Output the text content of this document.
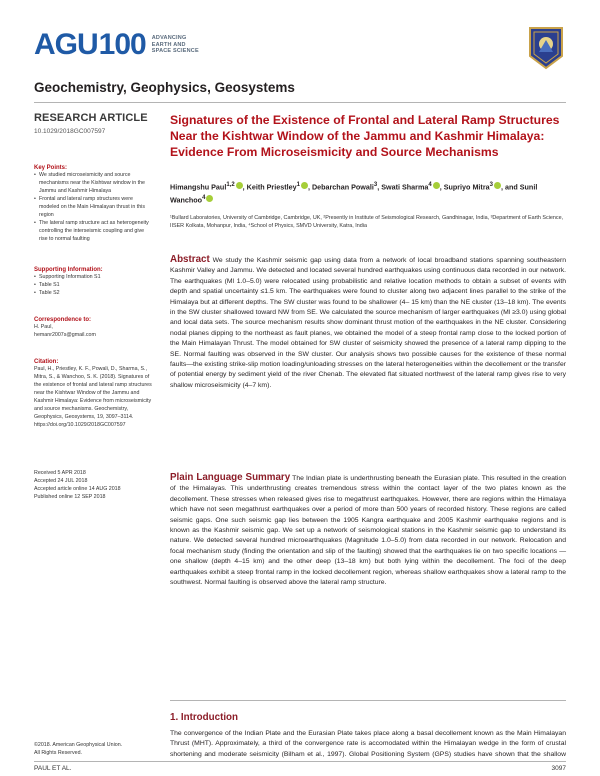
AGU 100 ADVANCING
EARTH AND
SPACE SCIENCE
Geochemistry, Geophysics, Geosystems
RESEARCH ARTICLE
10.1029/2018GC007597
Key Points:
• We studied microseismicity and source mechanisms near the Kishtwar window in the Jammu and Kashmir Himalaya
• Frontal and lateral ramp structures were modeled on the Main Himalayan thrust in this region
• The lateral ramp structure act as heterogeneity controlling the interseismic coupling and give rise to normal faulting
Supporting Information:
• Supporting Information S1
• Table S1
• Table S2
Correspondence to:
H. Paul,
hemanr2007s@gmail.com
Citation:
Paul, H., Priestley, K. F., Powali, D., Sharma, S., Mitra, S., & Wanchoo, S. K. (2018). Signatures of the existence of frontal and lateral ramp structures near the Kishtwar Window of the Jammu and Kashmir Himalaya: Evidence from microseismicity and source mechanisms. Geochemistry, Geophysics, Geosystems, 19, 3097–3114. https://doi.org/10.1029/2018GC007597
Received 5 APR 2018
Accepted 24 JUL 2018
Accepted article online 14 AUG 2018
Published online 12 SEP 2018
Signatures of the Existence of Frontal and Lateral Ramp Structures Near the Kishtwar Window of the Jammu and Kashmir Himalaya: Evidence From Microseismicity and Source Mechanisms
Himangshu Paul$^{1,2}$ , Keith Priestley$^1$ , Debarchan Powali$^3$, Swati Sharma$^4$ , Supriyo Mitra$^3$ , and Sunil Wanchoo$^4$
¹Bullard Laboratories, University of Cambridge, Cambridge, UK, ²Presently in Institute of Seismological Research, Gandhinagar, India, ³Department of Earth Science, IISER Kolkata, Mohanpur, India, ⁴School of Physics, SMVD University, Katra, India
Abstract We study the Kashmir seismic gap using data from a network of local broadband stations spanning southeastern Kashmir Valley and Jammu. We detected and located several hundred earthquakes using continuous data recorded in our network. The earthquakes (Ml 1.0–5.0) were relocated using probabilistic and relative location methods to obtain a subset of events with depth and spatial uncertainty ≤1.5 km. The earthquakes were found to cluster along two adjacent lines parallel to the strike of the Himalaya but at different depths. The SW cluster was found to be shallower (4– 15 km) than the NE cluster (13–18 km). The events in the SW cluster shallowed toward NW from SE. We calculated the source mechanism of larger earthquakes (Ml ≥3.0) using global and local data sets. The source mechanism results show dominant thrust motion of the earthquakes in the NE cluster. Considering nodal planes dipping to the northeast as fault planes, we obtained the model of a steep frontal ramp close to the locked portion of the Main Himalayan Thrust. The model obtained for SW cluster of seismicity showed the presence of a lateral ramp dipping to the SE. Normal faulting was observed in the SW cluster. Our analysis shows two possible causes for the existence of these normal faults—the existing strike-slip motion loading/unloading stresses on the lateral heterogeneities within the decollement or the transfer of potential energy by sediment yield of the river Chenab. The elevated flat situated northwest of the lateral ramp gives rise to very shallow microseismicity (4–7 km).
Plain Language Summary The Indian plate is underthrusting beneath the Eurasian plate. This resulted in the creation of the Himalayas. This underthrusting creates tremendous stress within the contact layer of the two plates known as the decollement. These stresses when released gives rise to megathrust earthquakes. However, there are regions within the Himalaya which have not seen megathrust earthquakes over a period of more than 500 years of recorded history. These regions are called seismic gaps. One such seismic gap lies between the 1905 Kangra earthquake and 2005 Kashmir earthquake regions and is known as the Kashmir seismic gap. We set up a network of seismological stations in the Kashmir seismic gap to understand its nature. We detected several hundred microearthquakes (Magnitude 1.0–5.0) from data recorded in our network. Relocation and focal mechanism study (finding the orientation and slip of the faulting) showed that the earthquakes lie on two specific locations —one shallow (depth 4–15 km) and the other deep (13–18 km) but both lying within the decollement. The foci of the deep earthquakes exhibit a steep frontal ramp in the locked decollement region, whereas shallow earthquakes show a lateral ramp to the southwest. Normal faulting is observed above the lateral ramp structure.
1. Introduction
The convergence of the Indian Plate and the Eurasian Plate takes place along a basal decollement known as the Main Himalayan Thrust (MHT). Approximately, a third of the convergence rate is accomodated within the Himalayan wedge in the form of crustal shortening and moderate seismicity (Bilham et al., 1997). Global Positioning System (GPS) studies have shown that the shallow
©2018. American Geophysical Union.
All Rights Reserved.
PAUL ET AL.	3097
